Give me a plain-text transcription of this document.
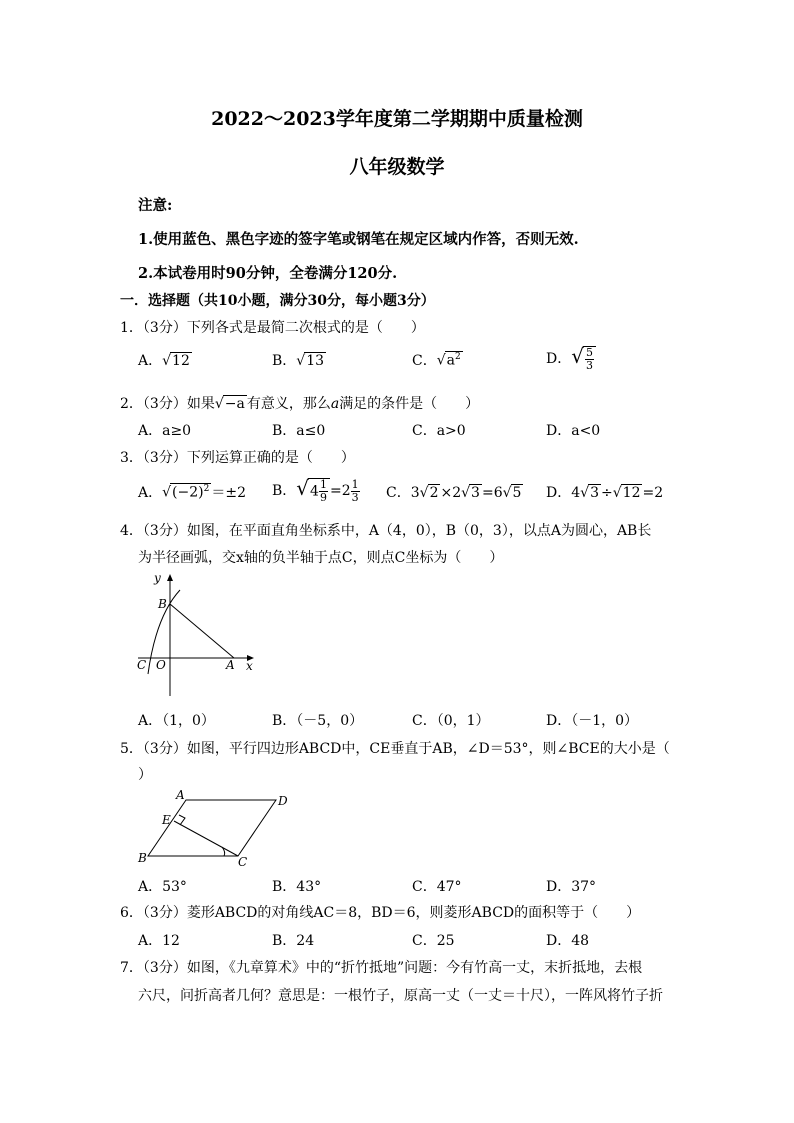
2022～2023学年度第二学期期中质量检测
八年级数学
注意:
1.使用蓝色、黑色字迹的签字笔或钢笔在规定区域内作答，否则无效.
2.本试卷用时90分钟，全卷满分120分.
一．选择题（共10小题，满分30分，每小题3分）
1．（3分）下列各式是最简二次根式的是（　　）
A．√12	B．√13	C．$√a^2$	D．√ $\frac{5}{3}$
2．（3分）如果√−a 有意义，那么a满足的条件是（　　）
A．a≥0	B．a≤0	C．a>0	D．a<0
3．（3分）下列运算正确的是（　　）
A．$√(-2)^2 =\pm 2$ B．$√4 \frac{1}{9} =2 \frac{1}{3}$ C．3√2 ×2√3 =6√5 D．4√3 ÷√12 =2
4．（3分）如图，在平面直角坐标系中，A（4，0），B（0，3），以点A为圆心，AB长
为半径画弧，交x轴的负半轴于点C，则点C坐标为（　　）
y
x
B
C O	A
A．（1，0）	B．（－5，0）	C．（0，1）	D．（－1，0）
5．（3分）如图，平行四边形ABCD中，CE垂直于AB，∠D＝53°，则∠BCE的大小是（
）
A	D
E
B	C
A．53°	B．43°	C．47°	D．37°
6．（3分）菱形ABCD的对角线AC＝8，BD＝6，则菱形ABCD的面积等于（　　）
A．12	B．24	C．25	D．48
7．（3分）如图，《九章算术》中的“折竹抵地”问题：今有竹高一丈，末折抵地，去根
六尺，问折高者几何？意思是：一根竹子，原高一丈（一丈＝十尺），一阵风将竹子折
